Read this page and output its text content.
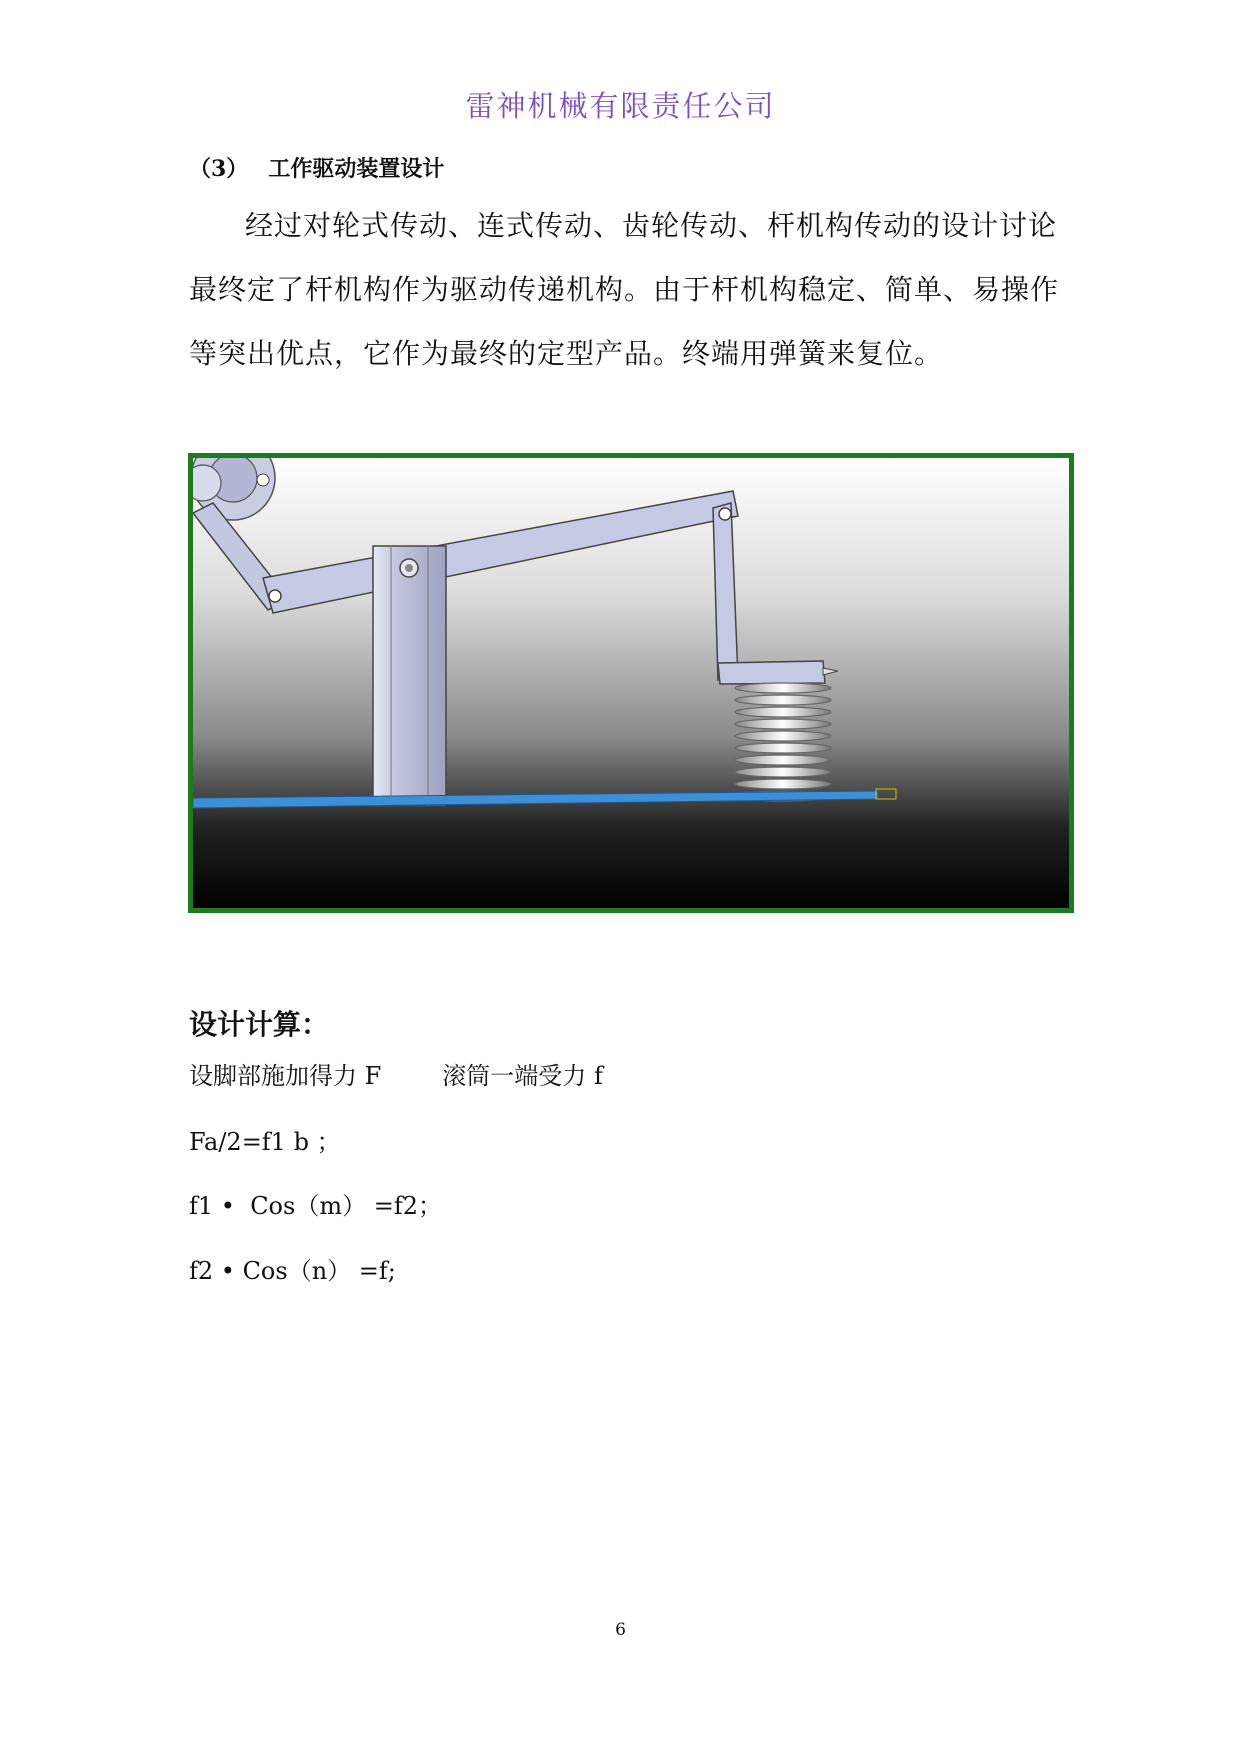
雷神机械有限责任公司
（3） 工作驱动装置设计
经过对轮式传动、连式传动、齿轮传动、杆机构传动的设计讨论最终定了杆机构作为驱动传递机构。由于杆机构稳定、简单、易操作等突出优点，它作为最终的定型产品。终端用弹簧来复位。
设计计算：
设脚部施加得力 F        滚筒一端受力 f
Fa/2=f1 b ；
f1 •  Cos（m） =f2；
f2 • Cos（n） =f;
6
